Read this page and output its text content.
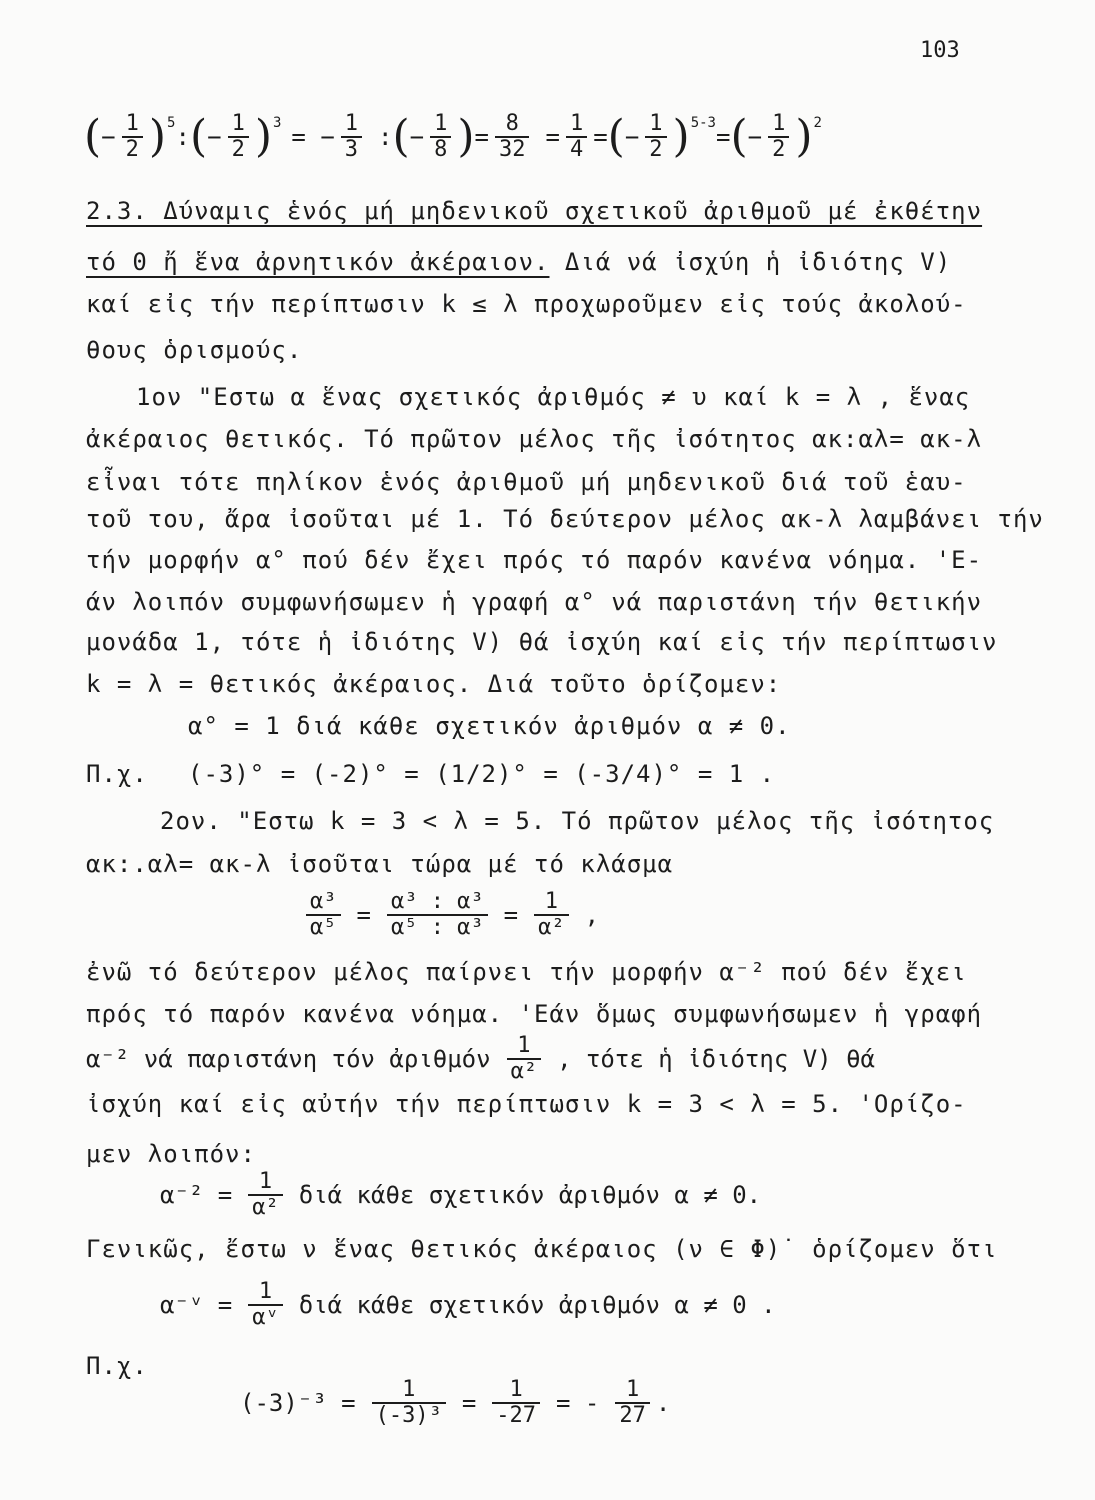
103
( − $\frac{1}{2}$ ) 5 : ( − $\frac{1}{2}$ ) 3 = − $\frac{1}{3}$ : ( − $\frac{1}{8}$ ) = $\frac{8}{32} = \frac{1}{4}$ = ( − $\frac{1}{2}$ ) 5-3 = ( − $\frac{1}{2}$ ) 2
2.3. Δύναμις ἑνός μή μηδενικοῦ σχετικοῦ ἀριθμοῦ μέ ἐκθέτην
τό 0 ἤ ἕνα ἀρνητικόν ἀκέραιον. Διά νά ἰσχύη ἡ ἰδιότης V)
καί εἰς τήν περίπτωσιν k ≤ λ προχωροῦμεν εἰς τούς ἀκολού-
θους ὁρισμούς.
1ον "Εστω α ἕνας σχετικός ἀριθμός ≠ υ καί k = λ , ἕνας
ἀκέραιος θετικός. Τό πρῶτον μέλος τῆς ἰσότητος ακ:αλ= ακ-λ
εἶναι τότε πηλίκον ἑνός ἀριθμοῦ μή μηδενικοῦ διά τοῦ ἑαυ-
τοῦ του, ἄρα ἰσοῦται μέ 1. Τό δεύτερον μέλος ακ-λ λαμβάνει τήν
τήν μορφήν α° πού δέν ἔχει πρός τό παρόν κανένα νόημα. 'Ε-
άν λοιπόν συμφωνήσωμεν ἡ γραφή α° νά παριστάνη τήν θετικήν
μονάδα 1, τότε ἡ ἰδιότης V) θά ἰσχύη καί εἰς τήν περίπτωσιν
k = λ = θετικός ἀκέραιος. Διά τοῦτο ὁρίζομεν:
α° = 1 διά κάθε σχετικόν ἀριθμόν α ≠ 0.
Π.χ. (-3)° = (-2)° = (1/2)° = (-3/4)° = 1 .
2ον. "Εστω k = 3 < λ = 5. Τό πρῶτον μέλος τῆς ἰσότητος
ακ:.αλ= ακ-λ ἰσοῦται τώρα μέ τό κλάσμα
$\frac{\text{α³}}{\text{α⁵}} = \frac{\text{α³ : α³}}{\text{α⁵ : α³}} = \frac{1}{\text{α²}}$ ,
ἐνῶ τό δεύτερον μέλος παίρνει τήν μορφήν α⁻² πού δέν ἔχει
πρός τό παρόν κανένα νόημα. 'Εάν ὅμως συμφωνήσωμεν ἡ γραφή
α⁻² νά παριστάνη τόν ἀριθμόν $\frac{1}{\text{α²}}$ , τότε ἡ ἰδιότης V) θά
ἰσχύη καί εἰς αὐτήν τήν περίπτωσιν k = 3 < λ = 5. 'Ορίζο-
μεν λοιπόν:
$\alpha^{-2} = \frac{1}{\text{α²}}$ διά κάθε σχετικόν ἀριθμόν α ≠ 0.
Γενικῶς, ἔστω ν ἕνας θετικός ἀκέραιος (ν ∈ Φ)˙ ὁρίζομεν ὅτι
α⁻ᵛ = $\frac{1}{\text{αᵛ}}$ διά κάθε σχετικόν ἀριθμόν α ≠ 0 .
Π.χ.
$(-3)^{-3} = \frac{1}{\text{(-3)³}} = \frac{1}{-27}$ = - $\frac{1}{27}$ .
